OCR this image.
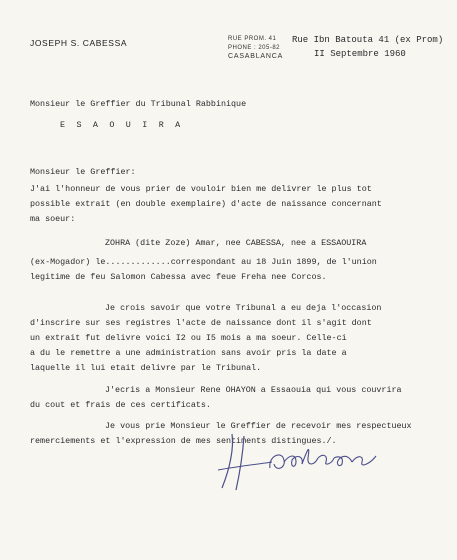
JOSEPH S. CABESSA	RUE PROM. 41
PHONE : 205-82
CASABLANCA
Rue Ibn Batouta 41 (ex Prom)
II Septembre 1960
Monsieur le Greffier du Tribunal Rabbinique
E S A O U I R A
Monsieur le Greffier:
J'ai l'honneur de vous prier de vouloir bien me delivrer le plus tot
possible extrait (en double exemplaire) d'acte de naissance concernant
ma soeur:
ZOHRA (dite Zoze) Amar, nee CABESSA, nee a ESSAOUIRA
(ex-Mogador) le.............correspondant au 18 Juin 1899, de l'union
legitime de feu Salomon Cabessa avec feue Freha nee Corcos.
Je crois savoir que votre Tribunal a eu deja l'occasion
d'inscrire sur ses registres l'acte de naissance dont il s'agit dont
un extrait fut delivre voici I2 ou I5 mois a ma soeur. Celle-ci
a du le remettre a une administration sans avoir pris la date a
laquelle il lui etait delivre par le Tribunal.
J'ecris a Monsieur Rene OHAYON a Essaouia qui vous couvrira
du cout et frais de ces certificats.
Je vous prie Monsieur le Greffier de recevoir mes respectueux
remerciements et l'expression de mes sentiments distingues./.
